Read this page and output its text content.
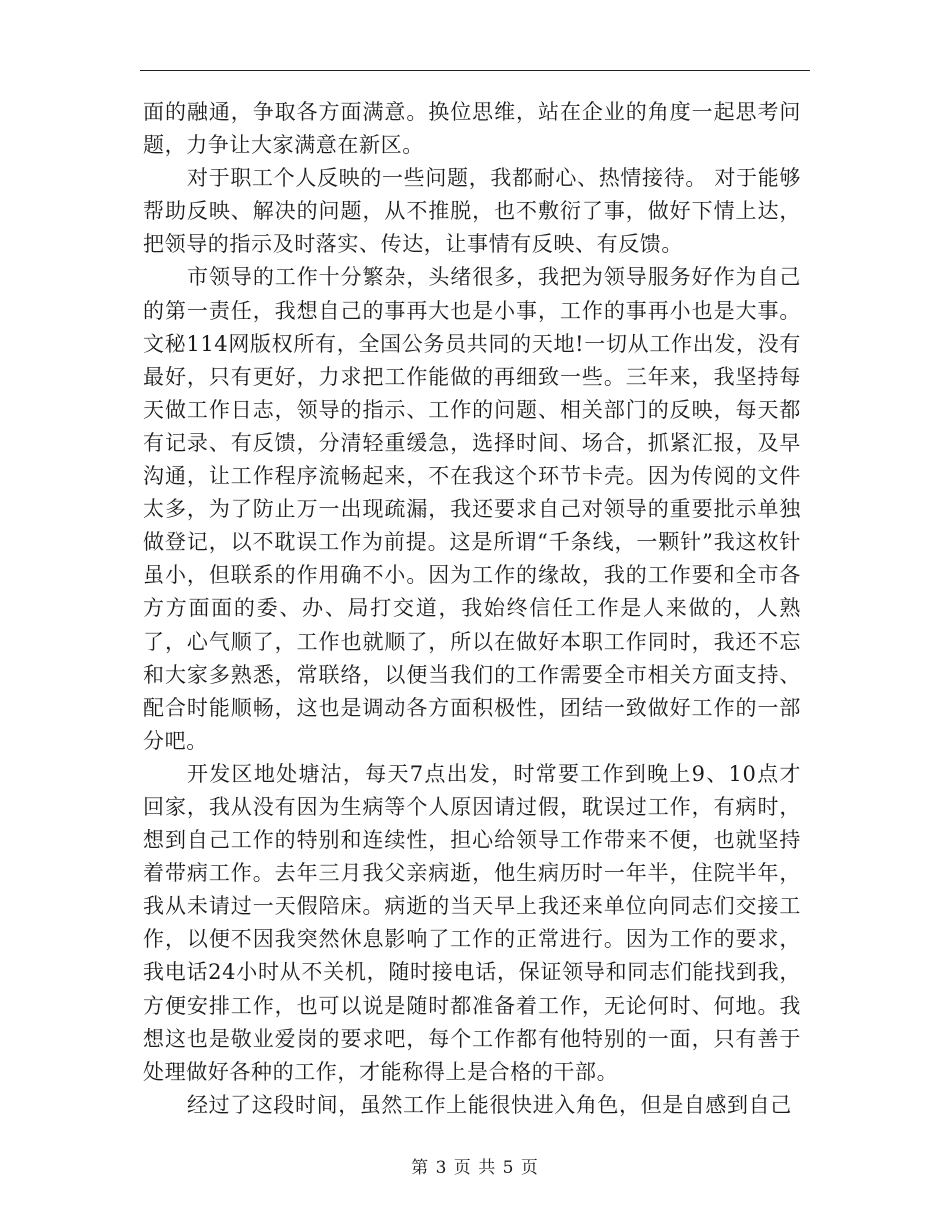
面的融通，争取各方面满意。换位思维，站在企业的角度一起思考问题，力争让大家满意在新区。

对于职工个人反映的一些问题，我都耐心、热情接待。 对于能够帮助反映、解决的问题，从不推脱，也不敷衍了事，做好下情上达，把领导的指示及时落实、传达，让事情有反映、有反馈。

市领导的工作十分繁杂，头绪很多，我把为领导服务好作为自己的第一责任，我想自己的事再大也是小事，工作的事再小也是大事。文秘114网版权所有，全国公务员共同的天地!一切从工作出发，没有最好，只有更好，力求把工作能做的再细致一些。三年来，我坚持每天做工作日志，领导的指示、工作的问题、相关部门的反映，每天都有记录、有反馈，分清轻重缓急，选择时间、场合，抓紧汇报，及早沟通，让工作程序流畅起来，不在我这个环节卡壳。因为传阅的文件太多，为了防止万一出现疏漏，我还要求自己对领导的重要批示单独做登记，以不耽误工作为前提。这是所谓“千条线，一颗针”我这枚针虽小，但联系的作用确不小。因为工作的缘故，我的工作要和全市各方方面面的委、办、局打交道，我始终信任工作是人来做的，人熟了，心气顺了，工作也就顺了，所以在做好本职工作同时，我还不忘和大家多熟悉，常联络，以便当我们的工作需要全市相关方面支持、配合时能顺畅，这也是调动各方面积极性，团结一致做好工作的一部分吧。

开发区地处塘沽，每天7点出发，时常要工作到晚上9、10点才回家，我从没有因为生病等个人原因请过假，耽误过工作，有病时，想到自己工作的特别和连续性，担心给领导工作带来不便，也就坚持着带病工作。去年三月我父亲病逝，他生病历时一年半，住院半年，我从未请过一天假陪床。病逝的当天早上我还来单位向同志们交接工作，以便不因我突然休息影响了工作的正常进行。因为工作的要求，我电话24小时从不关机，随时接电话，保证领导和同志们能找到我，方便安排工作，也可以说是随时都准备着工作，无论何时、何地。我想这也是敬业爱岗的要求吧，每个工作都有他特别的一面，只有善于处理做好各种的工作，才能称得上是合格的干部。

经过了这段时间，虽然工作上能很快进入角色，但是自感到自己

第 3 页 共 5 页
